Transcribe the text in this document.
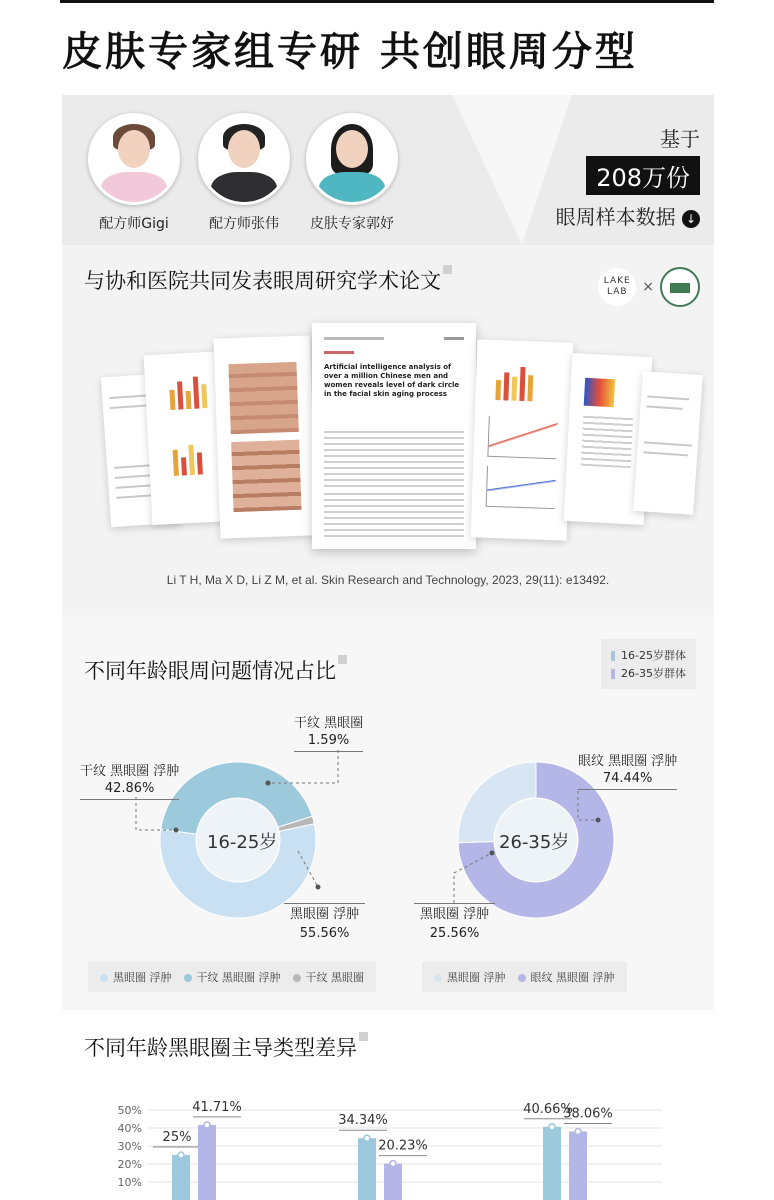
皮肤专家组专研 共创眼周分型
配方师Gigi	配方师张伟	皮肤专家郭妤
基于
208万份
眼周样本数据 ↓
与协和医院共同发表眼周研究学术论文	LAKE LAB	×
Artificial intelligence analysis of over a million Chinese men and women reveals level of dark circle in the facial skin aging process
Li T H, Ma X D, Li Z M, et al. Skin Research and Technology, 2023, 29(11): e13492.
不同年龄眼周问题情况占比
16-25岁群体
26-35岁群体
干纹 黑眼圈
1.59%
干纹 黑眼圈 浮肿
42.86%
黑眼圈 浮肿
55.56%
16-25岁
眼纹 黑眼圈 浮肿
74.44%
黑眼圈 浮肿
25.56%
26-35岁
黑眼圈 浮肿	干纹 黑眼圈 浮肿	干纹 黑眼圈	黑眼圈 浮肿	眼纹 黑眼圈 浮肿
不同年龄黑眼圈主导类型差异
50%
40%
30%
20%
10%
25%
41.71%
34.34%
20.23%
40.66%
38.06%
